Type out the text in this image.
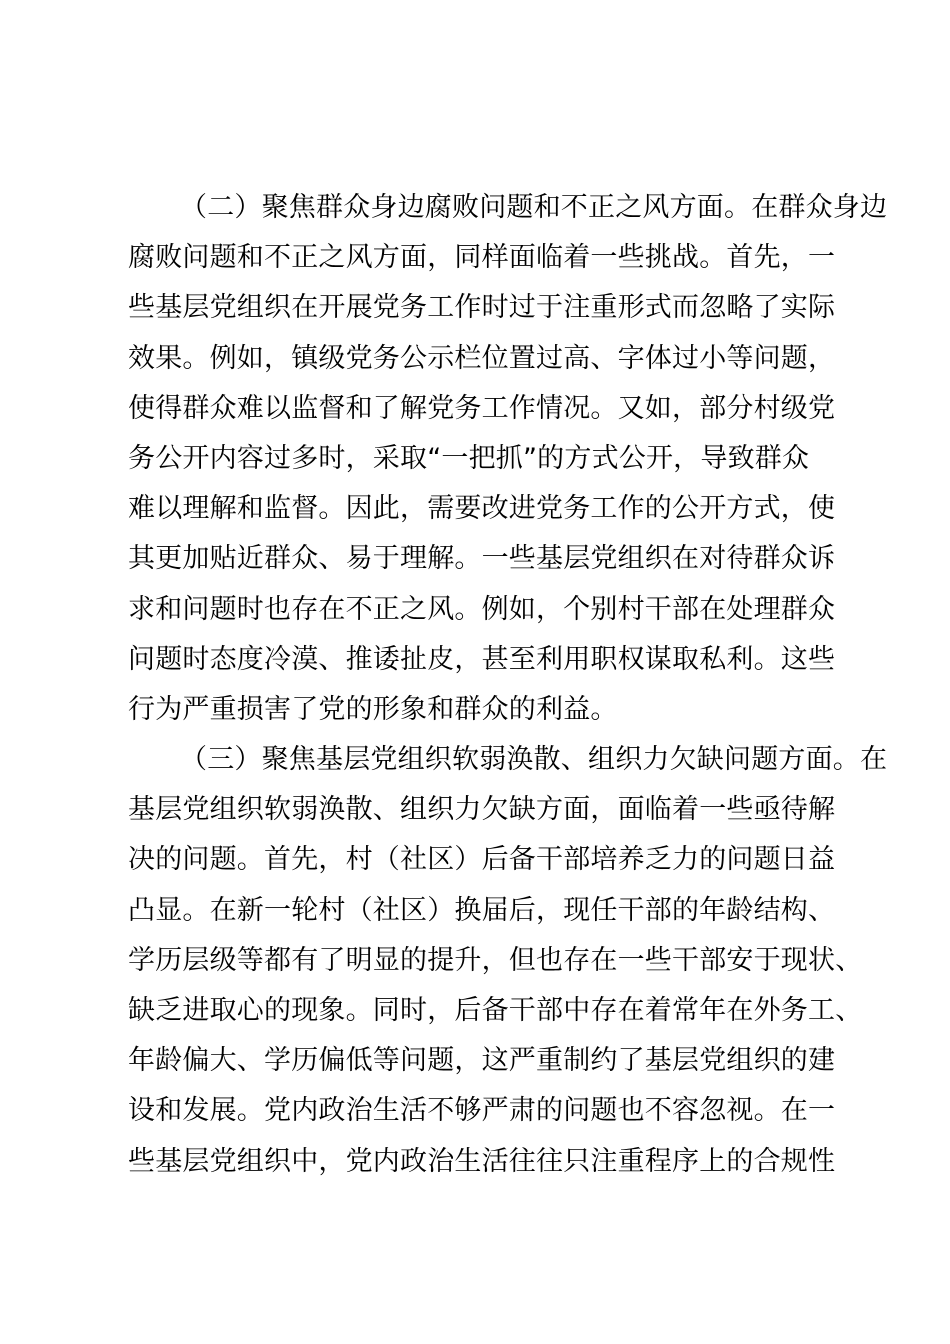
（二）聚焦群众身边腐败问题和不正之风方面。在群众身边
腐败问题和不正之风方面，同样面临着一些挑战。首先，一
些基层党组织在开展党务工作时过于注重形式而忽略了实际
效果。例如，镇级党务公示栏位置过高、字体过小等问题，
使得群众难以监督和了解党务工作情况。又如，部分村级党
务公开内容过多时，采取“一把抓”的方式公开，导致群众
难以理解和监督。因此，需要改进党务工作的公开方式，使
其更加贴近群众、易于理解。一些基层党组织在对待群众诉
求和问题时也存在不正之风。例如，个别村干部在处理群众
问题时态度冷漠、推诿扯皮，甚至利用职权谋取私利。这些
行为严重损害了党的形象和群众的利益。
（三）聚焦基层党组织软弱涣散、组织力欠缺问题方面。在
基层党组织软弱涣散、组织力欠缺方面，面临着一些亟待解
决的问题。首先，村（社区）后备干部培养乏力的问题日益
凸显。在新一轮村（社区）换届后，现任干部的年龄结构、
学历层级等都有了明显的提升，但也存在一些干部安于现状、
缺乏进取心的现象。同时，后备干部中存在着常年在外务工、
年龄偏大、学历偏低等问题，这严重制约了基层党组织的建
设和发展。党内政治生活不够严肃的问题也不容忽视。在一
些基层党组织中，党内政治生活往往只注重程序上的合规性
